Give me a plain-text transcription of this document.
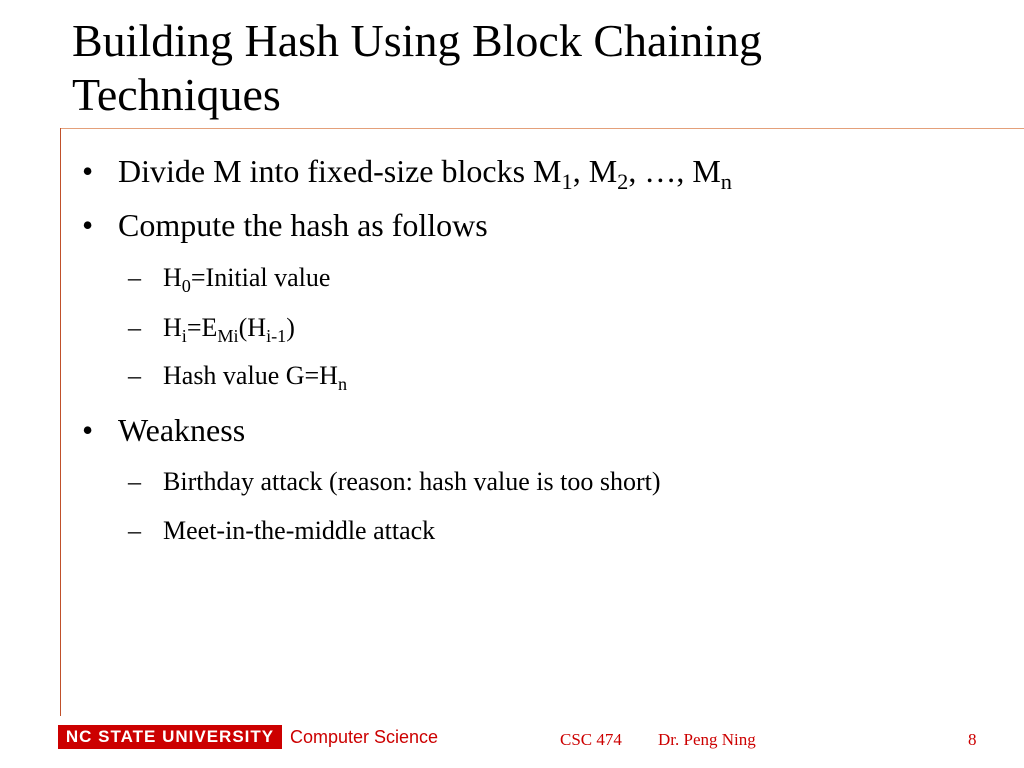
Building Hash Using Block Chaining Techniques
• Divide M into fixed-size blocks $M_1$, $M_2$, …, $M_n$
• Compute the hash as follows
– $H_0=Initial$ value
– $H_i=E_{Mi}(H_{i-1})$
– Hash value $G=H_n$
• Weakness
– Birthday attack (reason: hash value is too short)
– Meet-in-the-middle attack
NC STATE UNIVERSITY Computer Science	CSC 474 Dr. Peng Ning	8
